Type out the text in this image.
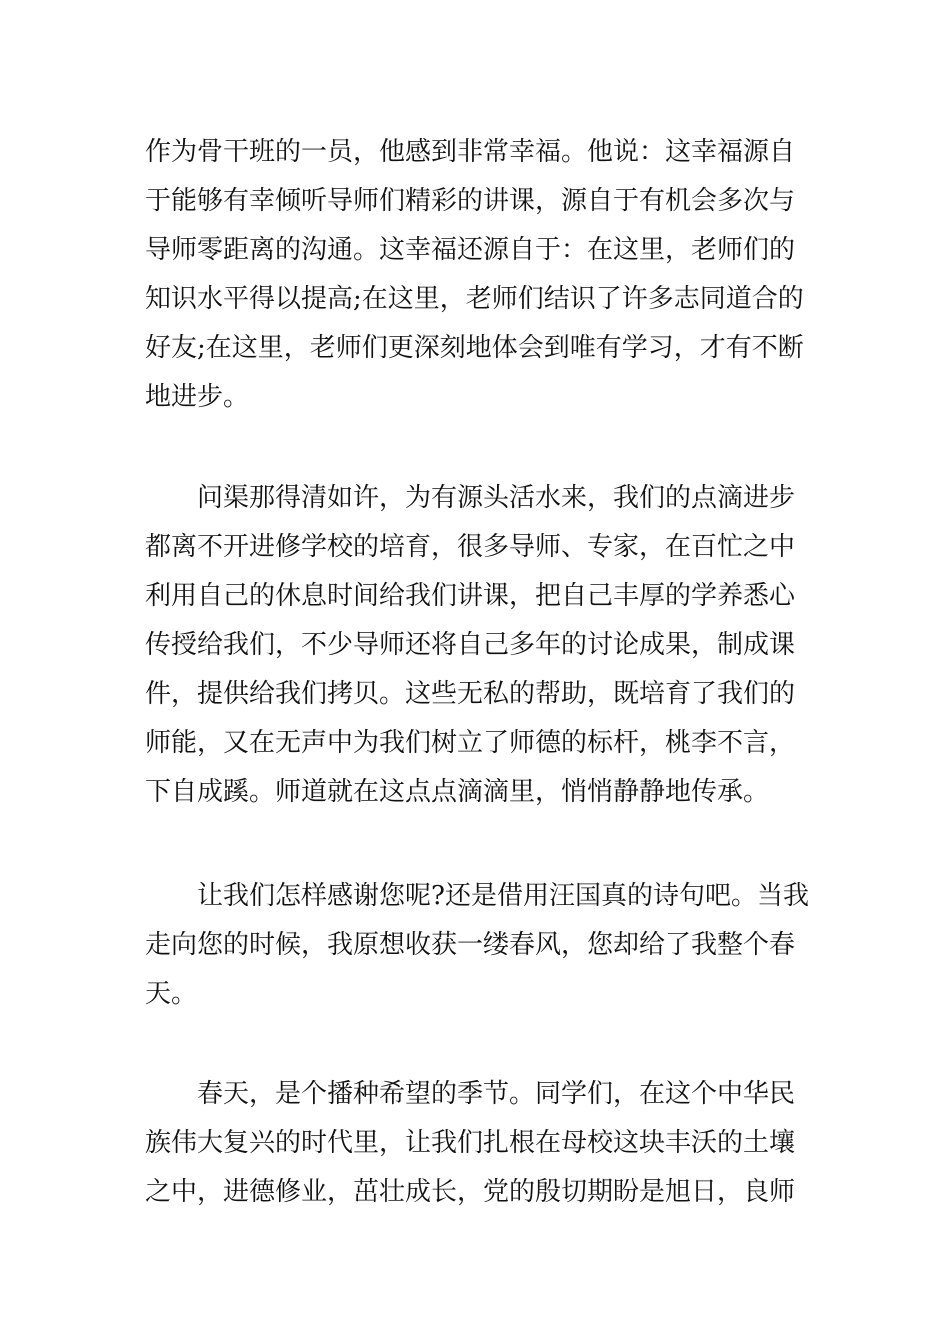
作为骨干班的一员，他感到非常幸福。他说：这幸福源自
于能够有幸倾听导师们精彩的讲课，源自于有机会多次与
导师零距离的沟通。这幸福还源自于：在这里，老师们的
知识水平得以提高;在这里，老师们结识了许多志同道合的
好友;在这里，老师们更深刻地体会到唯有学习，才有不断
地进步。
问渠那得清如许，为有源头活水来，我们的点滴进步
都离不开进修学校的培育，很多导师、专家，在百忙之中
利用自己的休息时间给我们讲课，把自己丰厚的学养悉心
传授给我们，不少导师还将自己多年的讨论成果，制成课
件，提供给我们拷贝。这些无私的帮助，既培育了我们的
师能，又在无声中为我们树立了师德的标杆，桃李不言，
下自成蹊。师道就在这点点滴滴里，悄悄静静地传承。
让我们怎样感谢您呢?还是借用汪国真的诗句吧。当我
走向您的时候，我原想收获一缕春风，您却给了我整个春
天。
春天，是个播种希望的季节。同学们，在这个中华民
族伟大复兴的时代里，让我们扎根在母校这块丰沃的土壤
之中，进德修业，茁壮成长，党的殷切期盼是旭日，良师
